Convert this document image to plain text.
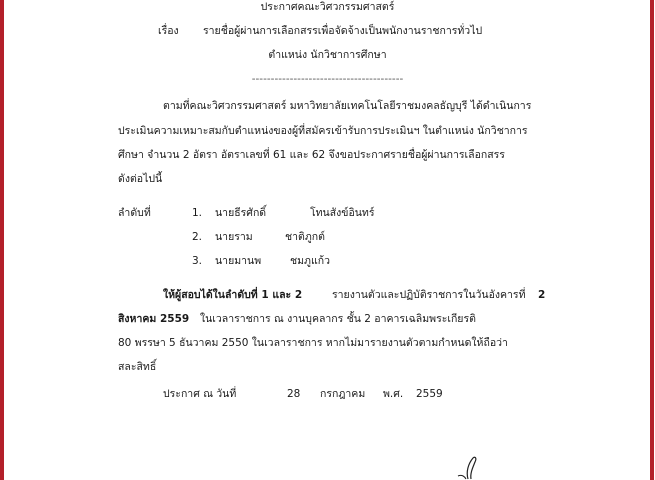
ประกาศคณะวิศวกรรมศาสตร์
เรื่อง รายชื่อผู้ผ่านการเลือกสรรเพื่อจัดจ้างเป็นพนักงานราชการทั่วไป
ตำแหน่ง นักวิชาการศึกษา
----------------------------------------
ตามที่คณะวิศวกรรมศาสตร์ มหาวิทยาลัยเทคโนโลยีราชมงคลธัญบุรี ได้ดำเนินการ
ประเมินความเหมาะสมกับตำแหน่งของผู้ที่สมัครเข้ารับการประเมินฯ ในตำแหน่ง นักวิชาการ
ศึกษา จำนวน 2 อัตรา อัตราเลขที่ 61 และ 62 จึงขอประกาศรายชื่อผู้ผ่านการเลือกสรร
ดังต่อไปนี้
ลำดับที่	1. นายธีรศักดิ์	โทนสังข์อินทร์
2. นายราม	ชาติภูกต์
3. นายมานพ	ชมภูแก้ว
ให้ผู้สอบได้ในลำดับที่ 1 และ 2	รายงานตัวและปฏิบัติราชการในวันอังคารที่ 2
สิงหาคม 2559 ในเวลาราชการ ณ งานบุคลากร ชั้น 2 อาคารเฉลิมพระเกียรติ
80 พรรษา 5 ธันวาคม 2550 ในเวลาราชการ หากไม่มารายงานตัวตามกำหนดให้ถือว่า
สละสิทธิ์
ประกาศ ณ วันที่	28 กรกฎาคม พ.ศ. 2559
